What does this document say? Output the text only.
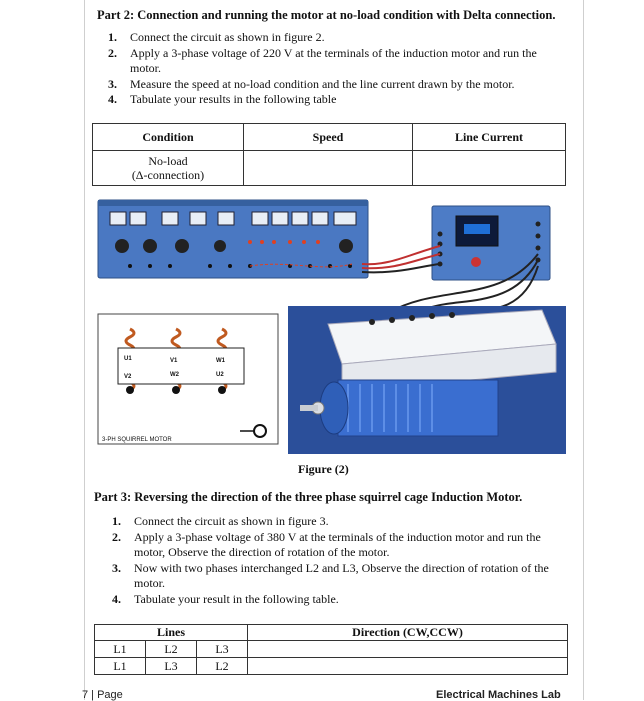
Part 2: Connection and running the motor at no-load condition with Delta connection.
1. Connect the circuit as shown in figure 2.
2. Apply a 3-phase voltage of 220 V at the terminals of the induction motor and run the motor.
3. Measure the speed at no-load condition and the line current drawn by the motor.
4. Tabulate your results in the following table
Condition	Speed	Line Current

No-load
(Δ-connection)		

U1	V1	W1
V2	W2	U2
3-PH SQUIRREL MOTOR
Figure (2)
Part 3: Reversing the direction of the three phase squirrel cage Induction Motor.
1. Connect the circuit as shown in figure 3.
2. Apply a 3-phase voltage of 380 V at the terminals of the induction motor and run the motor, Observe the direction of rotation of the motor.
3. Now with two phases interchanged L2 and L3, Observe the direction of rotation of the motor.
4. Tabulate your result in the following table.
Lines			Direction (CW,CCW)
L1	L2	L3	
L1	L3	L2	
7 | Page	Electrical Machines Lab
